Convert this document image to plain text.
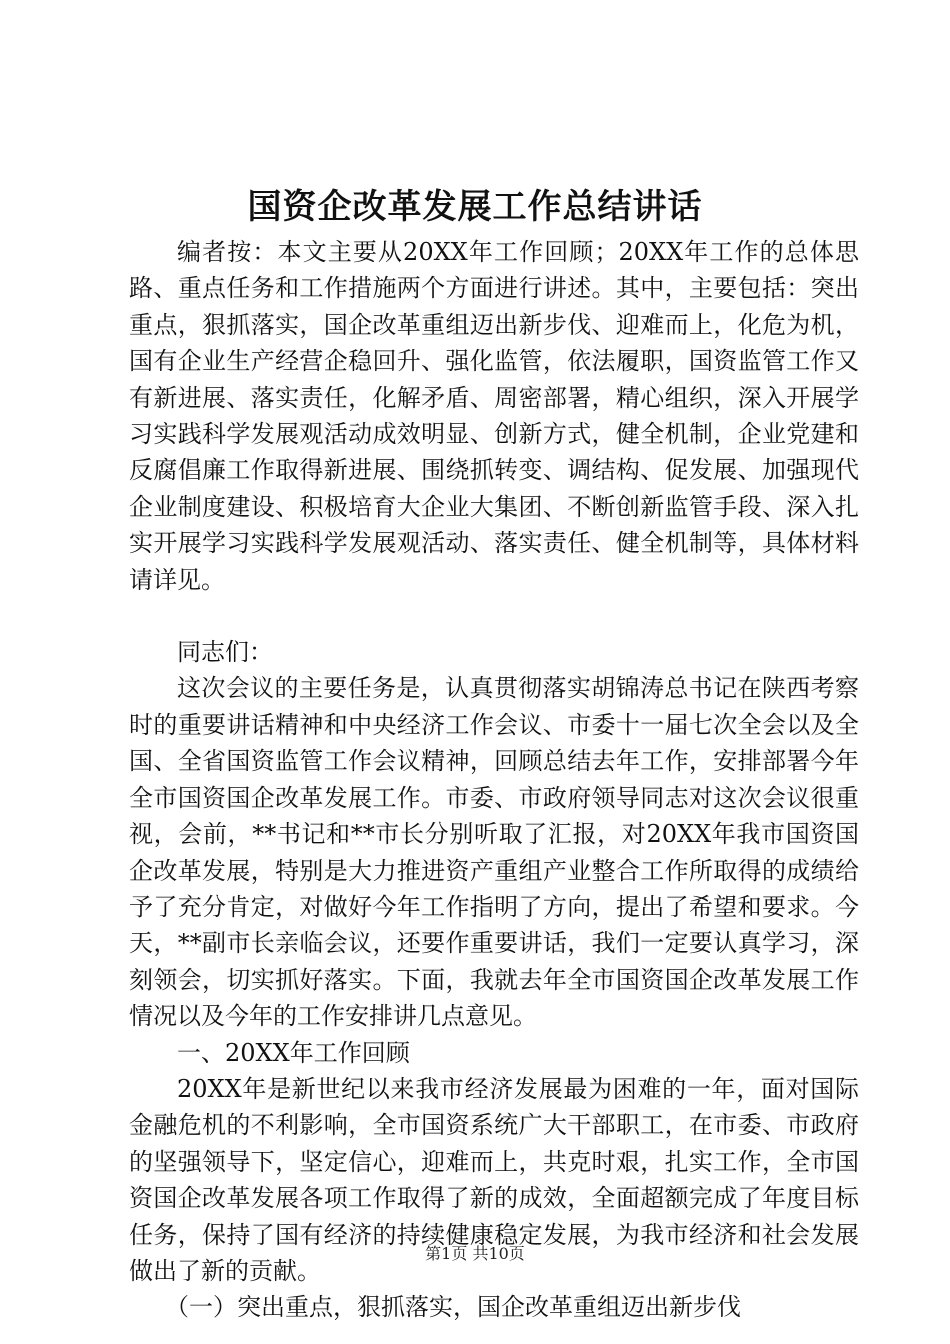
国资企改革发展工作总结讲话

编者按：本文主要从20XX年工作回顾；20XX年工作的总体思路、重点任务和工作措施两个方面进行讲述。其中，主要包括：突出重点，狠抓落实，国企改革重组迈出新步伐、迎难而上，化危为机，国有企业生产经营企稳回升、强化监管，依法履职，国资监管工作又有新进展、落实责任，化解矛盾、周密部署，精心组织，深入开展学习实践科学发展观活动成效明显、创新方式，健全机制，企业党建和反腐倡廉工作取得新进展、围绕抓转变、调结构、促发展、加强现代企业制度建设、积极培育大企业大集团、不断创新监管手段、深入扎实开展学习实践科学发展观活动、落实责任、健全机制等，具体材料请详见。

同志们：

这次会议的主要任务是，认真贯彻落实胡锦涛总书记在陕西考察时的重要讲话精神和中央经济工作会议、市委十一届七次全会以及全国、全省国资监管工作会议精神，回顾总结去年工作，安排部署今年全市国资国企改革发展工作。市委、市政府领导同志对这次会议很重视，会前，**书记和**市长分别听取了汇报，对20XX年我市国资国企改革发展，特别是大力推进资产重组产业整合工作所取得的成绩给予了充分肯定，对做好今年工作指明了方向，提出了希望和要求。今天，**副市长亲临会议，还要作重要讲话，我们一定要认真学习，深刻领会，切实抓好落实。下面，我就去年全市国资国企改革发展工作情况以及今年的工作安排讲几点意见。

一、20XX年工作回顾

20XX年是新世纪以来我市经济发展最为困难的一年，面对国际金融危机的不利影响，全市国资系统广大干部职工，在市委、市政府的坚强领导下，坚定信心，迎难而上，共克时艰，扎实工作，全市国资国企改革发展各项工作取得了新的成效，全面超额完成了年度目标任务，保持了国有经济的持续健康稳定发展，为我市经济和社会发展做出了新的贡献。

（一）突出重点，狠抓落实，国企改革重组迈出新步伐

第1页 共10页
